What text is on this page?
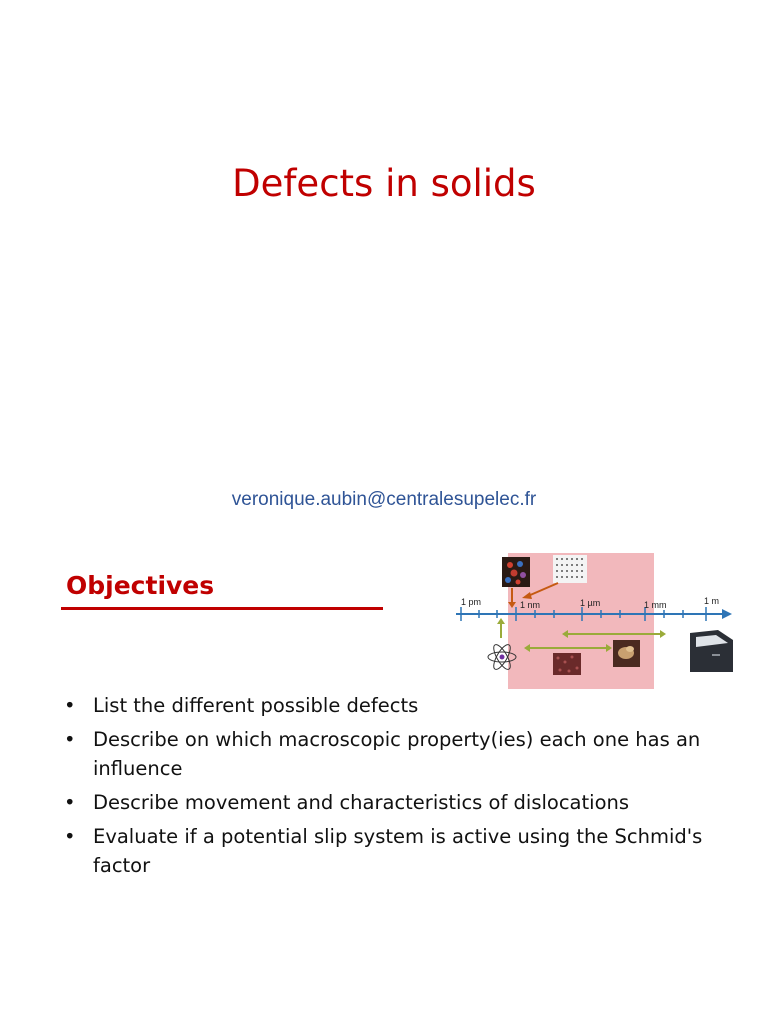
Defects in solids
veronique.aubin@centralesupelec.fr
Objectives
1 pm	1 nm	1 µm	1 mm	1 m
• List the different possible defects
• Describe on which macroscopic property(ies) each one has an influence
• Describe movement and characteristics of dislocations
• Evaluate if a potential slip system is active using the Schmid's factor
